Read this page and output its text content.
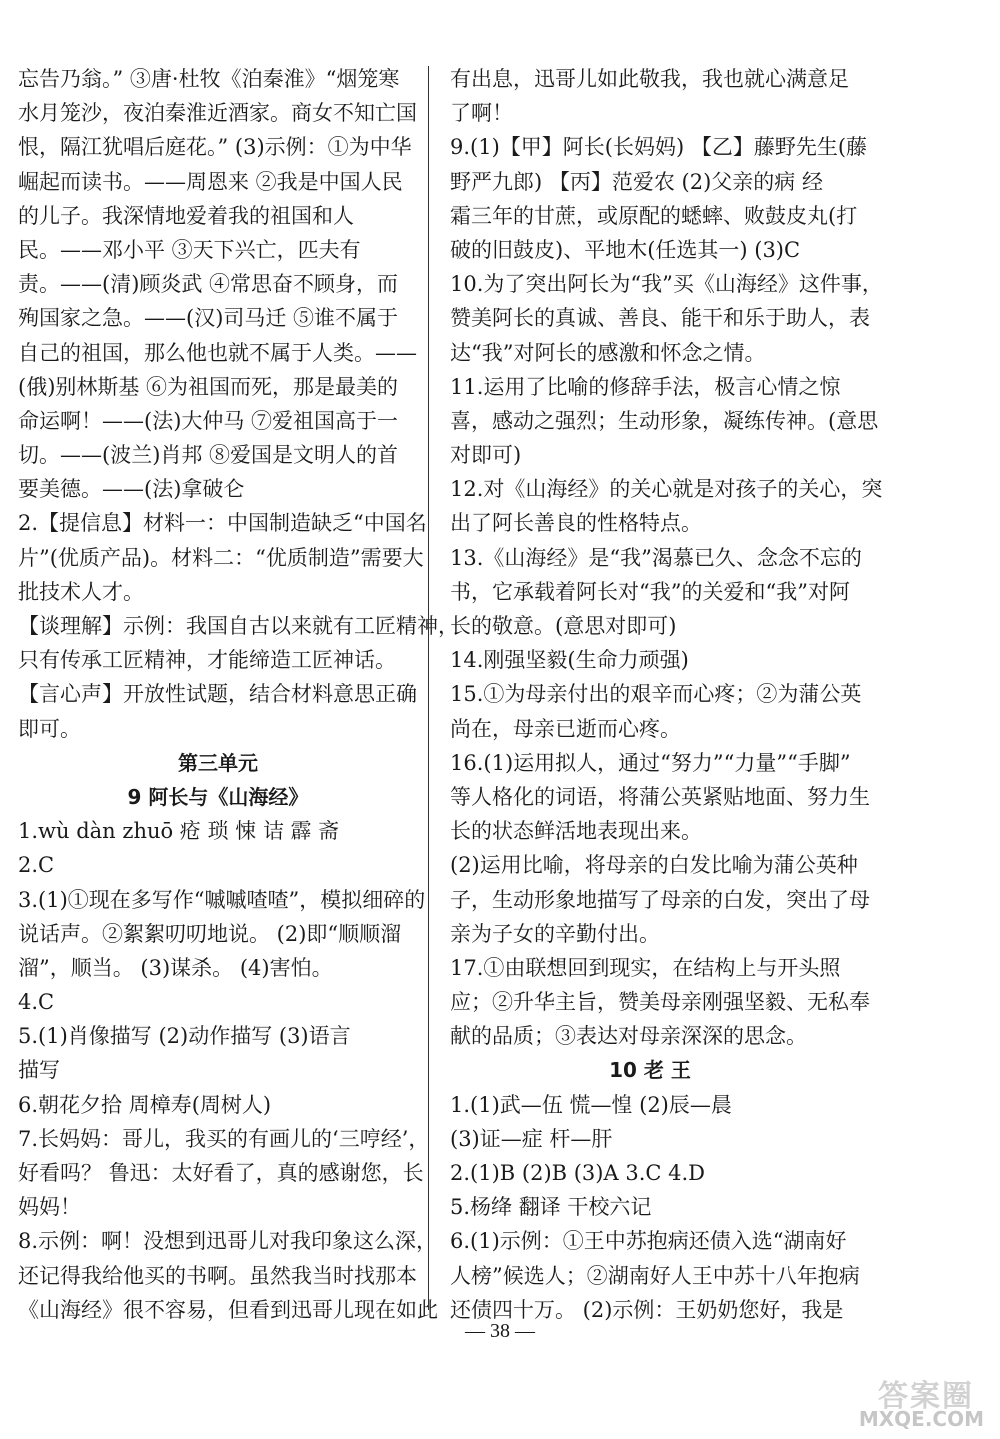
忘告乃翁。” ③唐·杜牧《泊秦淮》“烟笼寒
水月笼沙，夜泊秦淮近酒家。商女不知亡国
恨，隔江犹唱后庭花。” (3)示例：①为中华
崛起而读书。——周恩来 ②我是中国人民
的儿子。我深情地爱着我的祖国和人
民。——邓小平 ③天下兴亡，匹夫有
责。——(清)顾炎武 ④常思奋不顾身，而
殉国家之急。——(汉)司马迁 ⑤谁不属于
自己的祖国，那么他也就不属于人类。——
(俄)别林斯基 ⑥为祖国而死，那是最美的
命运啊！——(法)大仲马 ⑦爱祖国高于一
切。——(波兰)肖邦 ⑧爱国是文明人的首
要美德。——(法)拿破仑
2.【提信息】材料一：中国制造缺乏“中国名
片”(优质产品)。材料二：“优质制造”需要大
批技术人才。
【谈理解】示例：我国自古以来就有工匠精神，
只有传承工匠精神，才能缔造工匠神话。
【言心声】开放性试题，结合材料意思正确
即可。
第三单元
9 阿长与《山海经》
1.wù dàn zhuō 疮 琐 悚 诘 霹 斋
2.C
3.(1)①现在多写作“嘁嘁喳喳”，模拟细碎的
说话声。②絮絮叨叨地说。 (2)即“顺顺溜
溜”，顺当。 (3)谋杀。 (4)害怕。
4.C
5.(1)肖像描写 (2)动作描写 (3)语言
描写
6.朝花夕拾 周樟寿(周树人)
7.长妈妈：哥儿，我买的有画儿的‘三哼经’，
好看吗？ 鲁迅：太好看了，真的感谢您，长
妈妈！
8.示例：啊！没想到迅哥儿对我印象这么深，
还记得我给他买的书啊。虽然我当时找那本
《山海经》很不容易，但看到迅哥儿现在如此
有出息，迅哥儿如此敬我，我也就心满意足
了啊！
9.(1)【甲】阿长(长妈妈) 【乙】藤野先生(藤
野严九郎) 【丙】范爱农 (2)父亲的病 经
霜三年的甘蔗，或原配的蟋蟀、败鼓皮丸(打
破的旧鼓皮)、平地木(任选其一) (3)C
10.为了突出阿长为“我”买《山海经》这件事，
赞美阿长的真诚、善良、能干和乐于助人，表
达“我”对阿长的感激和怀念之情。
11.运用了比喻的修辞手法，极言心情之惊
喜，感动之强烈；生动形象，凝练传神。(意思
对即可)
12.对《山海经》的关心就是对孩子的关心，突
出了阿长善良的性格特点。
13.《山海经》是“我”渴慕已久、念念不忘的
书，它承载着阿长对“我”的关爱和“我”对阿
长的敬意。(意思对即可)
14.刚强坚毅(生命力顽强)
15.①为母亲付出的艰辛而心疼；②为蒲公英
尚在，母亲已逝而心疼。
16.(1)运用拟人，通过“努力”“力量”“手脚”
等人格化的词语，将蒲公英紧贴地面、努力生
长的状态鲜活地表现出来。
(2)运用比喻，将母亲的白发比喻为蒲公英种
子，生动形象地描写了母亲的白发，突出了母
亲为子女的辛勤付出。
17.①由联想回到现实，在结构上与开头照
应；②升华主旨，赞美母亲刚强坚毅、无私奉
献的品质；③表达对母亲深深的思念。
10 老 王
1.(1)武—伍 慌—惶 (2)辰—晨
(3)证—症 杆—肝
2.(1)B (2)B (3)A 3.C 4.D
5.杨绛 翻译 干校六记
6.(1)示例：①王中苏抱病还债入选“湖南好
人榜”候选人；②湖南好人王中苏十八年抱病
还债四十万。 (2)示例：王奶奶您好，我是
— 38 —
答案圈
MXQE.COM
